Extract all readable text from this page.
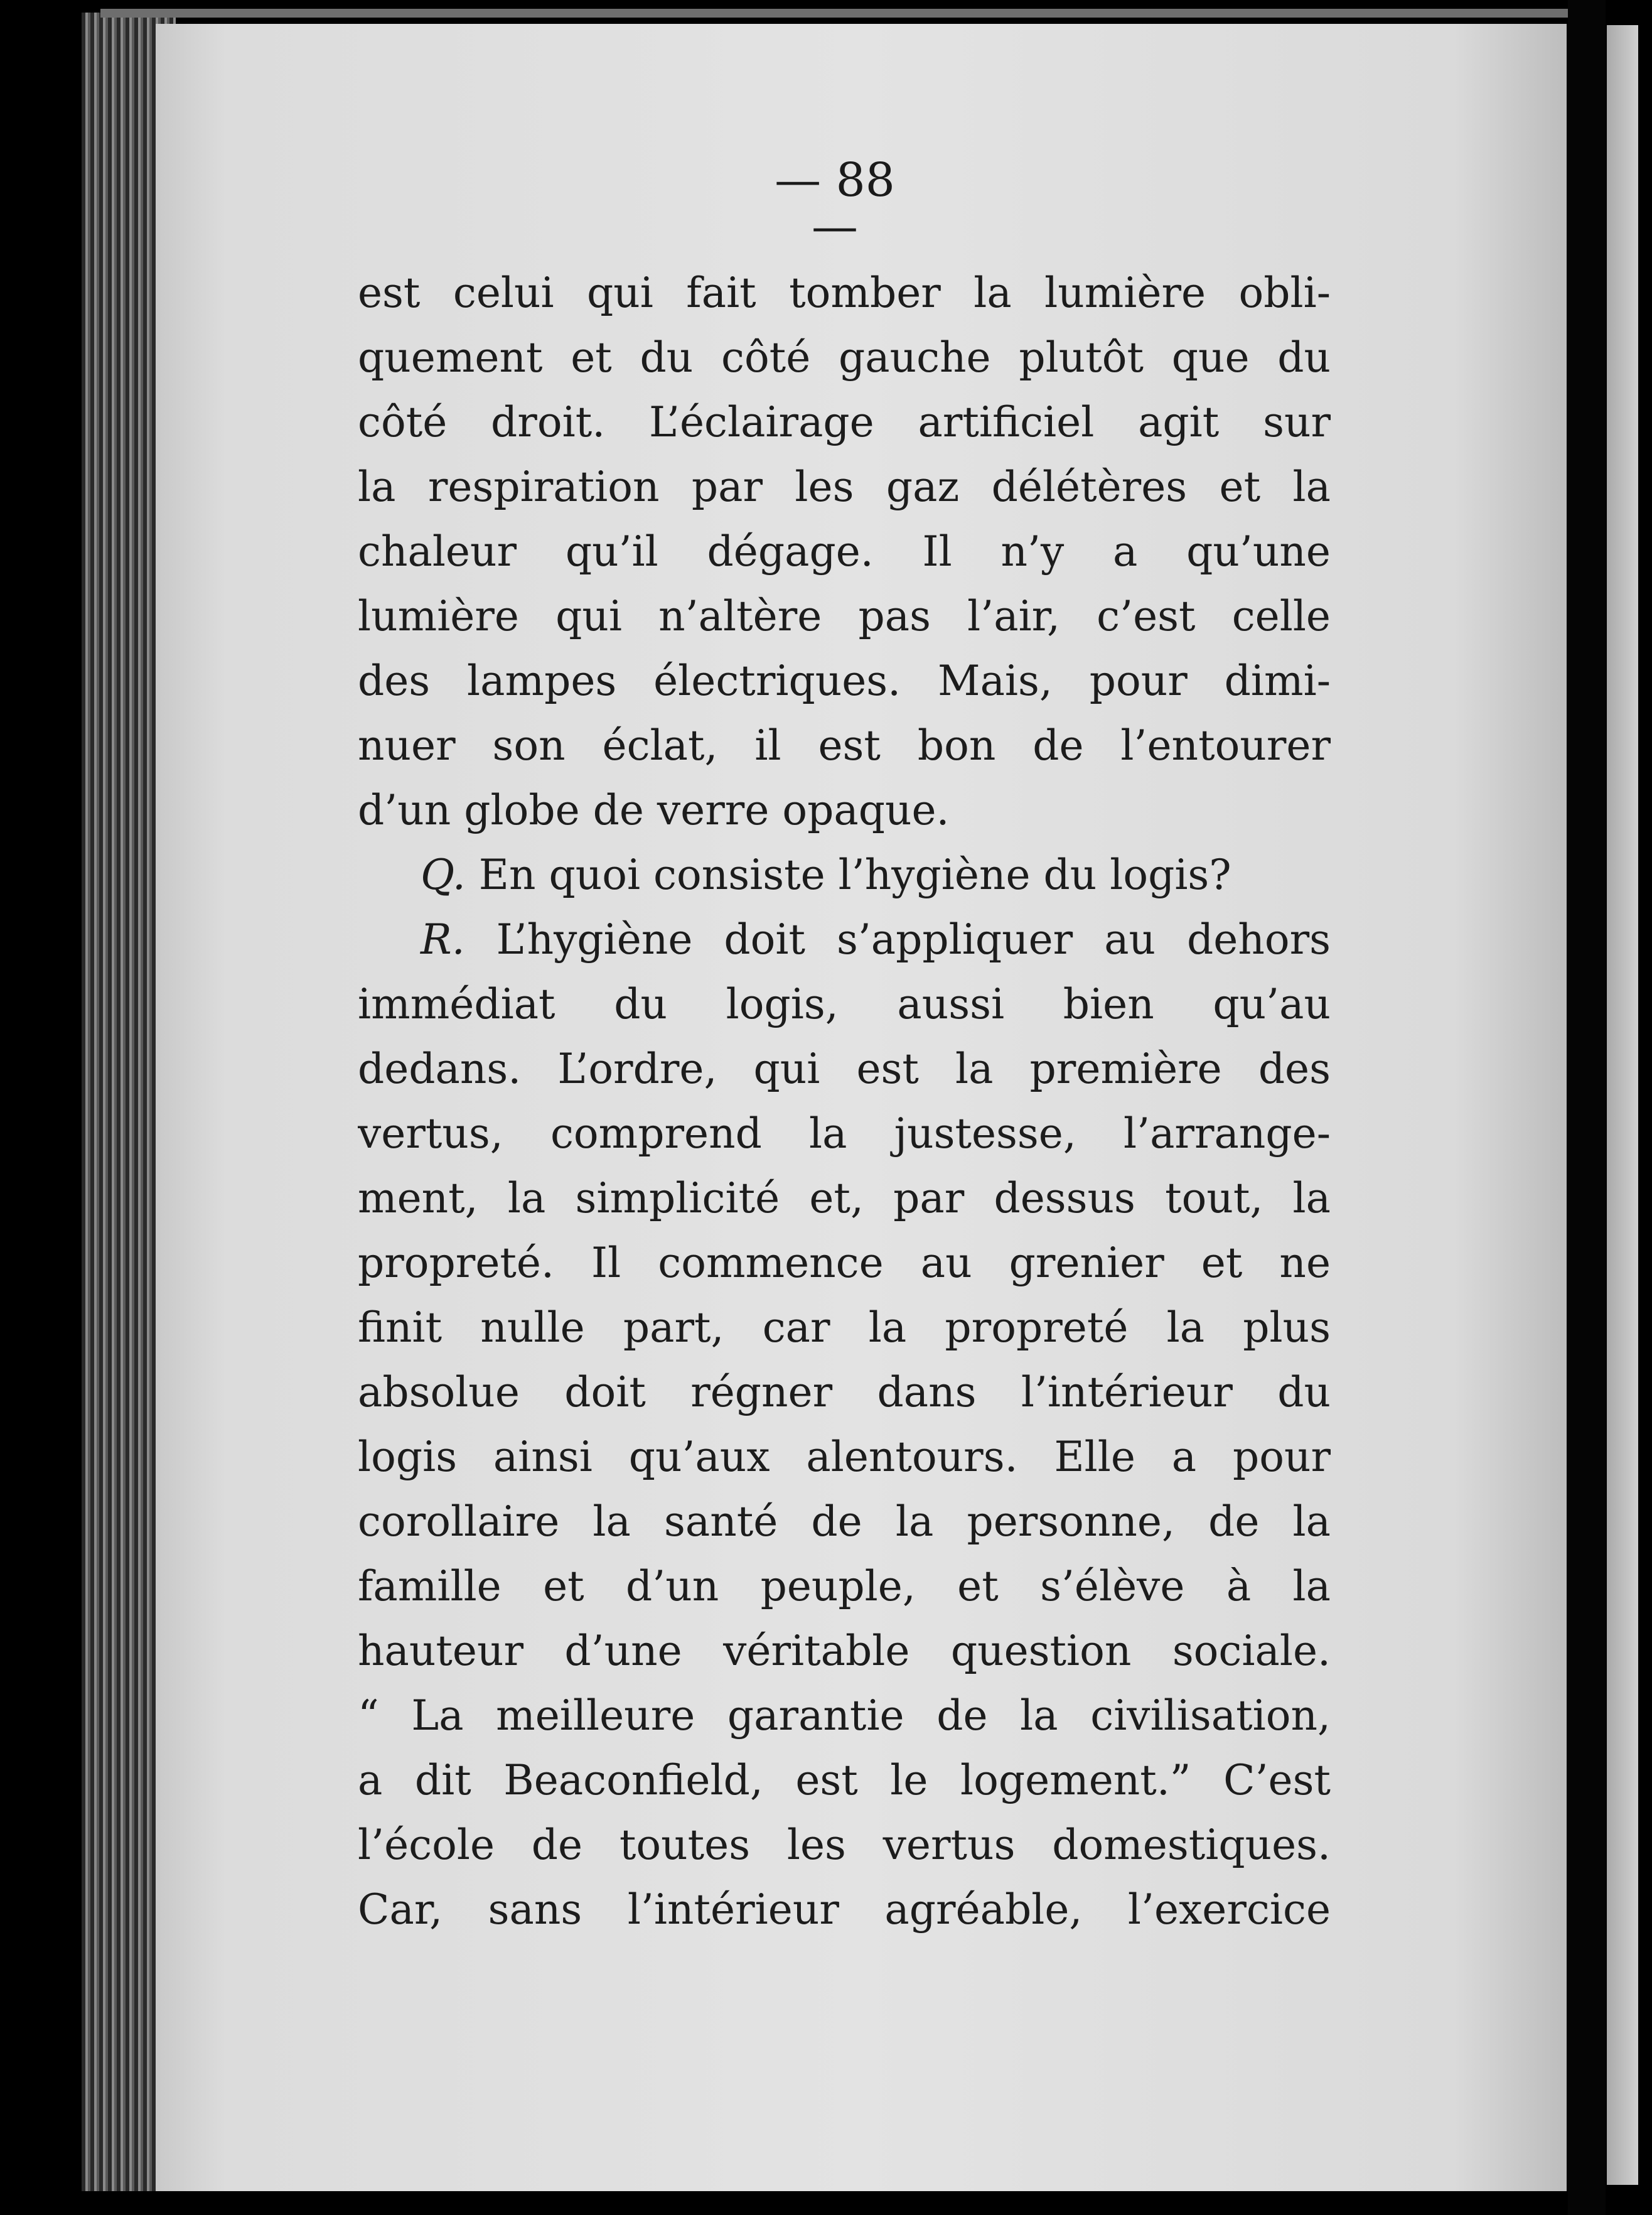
— 88 —
est celui qui fait tomber la lumière obli-
quement et du côté gauche plutôt que du
côté droit. L’éclairage artificiel agit sur
la respiration par les gaz délétères et la
chaleur qu’il dégage. Il n’y a qu’une
lumière qui n’altère pas l’air, c’est celle
des lampes électriques. Mais, pour dimi-
nuer son éclat, il est bon de l’entourer
d’un globe de verre opaque.
Q. En quoi consiste l’hygiène du logis?
R. L’hygiène doit s’appliquer au dehors
immédiat du logis, aussi bien qu’au
dedans. L’ordre, qui est la première des
vertus, comprend la justesse, l’arrange-
ment, la simplicité et, par dessus tout, la
propreté. Il commence au grenier et ne
finit nulle part, car la propreté la plus
absolue doit régner dans l’intérieur du
logis ainsi qu’aux alentours. Elle a pour
corollaire la santé de la personne, de la
famille et d’un peuple, et s’élève à la
hauteur d’une véritable question sociale.
“ La meilleure garantie de la civilisation,
a dit Beaconfield, est le logement.” C’est
l’école de toutes les vertus domestiques.
Car, sans l’intérieur agréable, l’exercice
